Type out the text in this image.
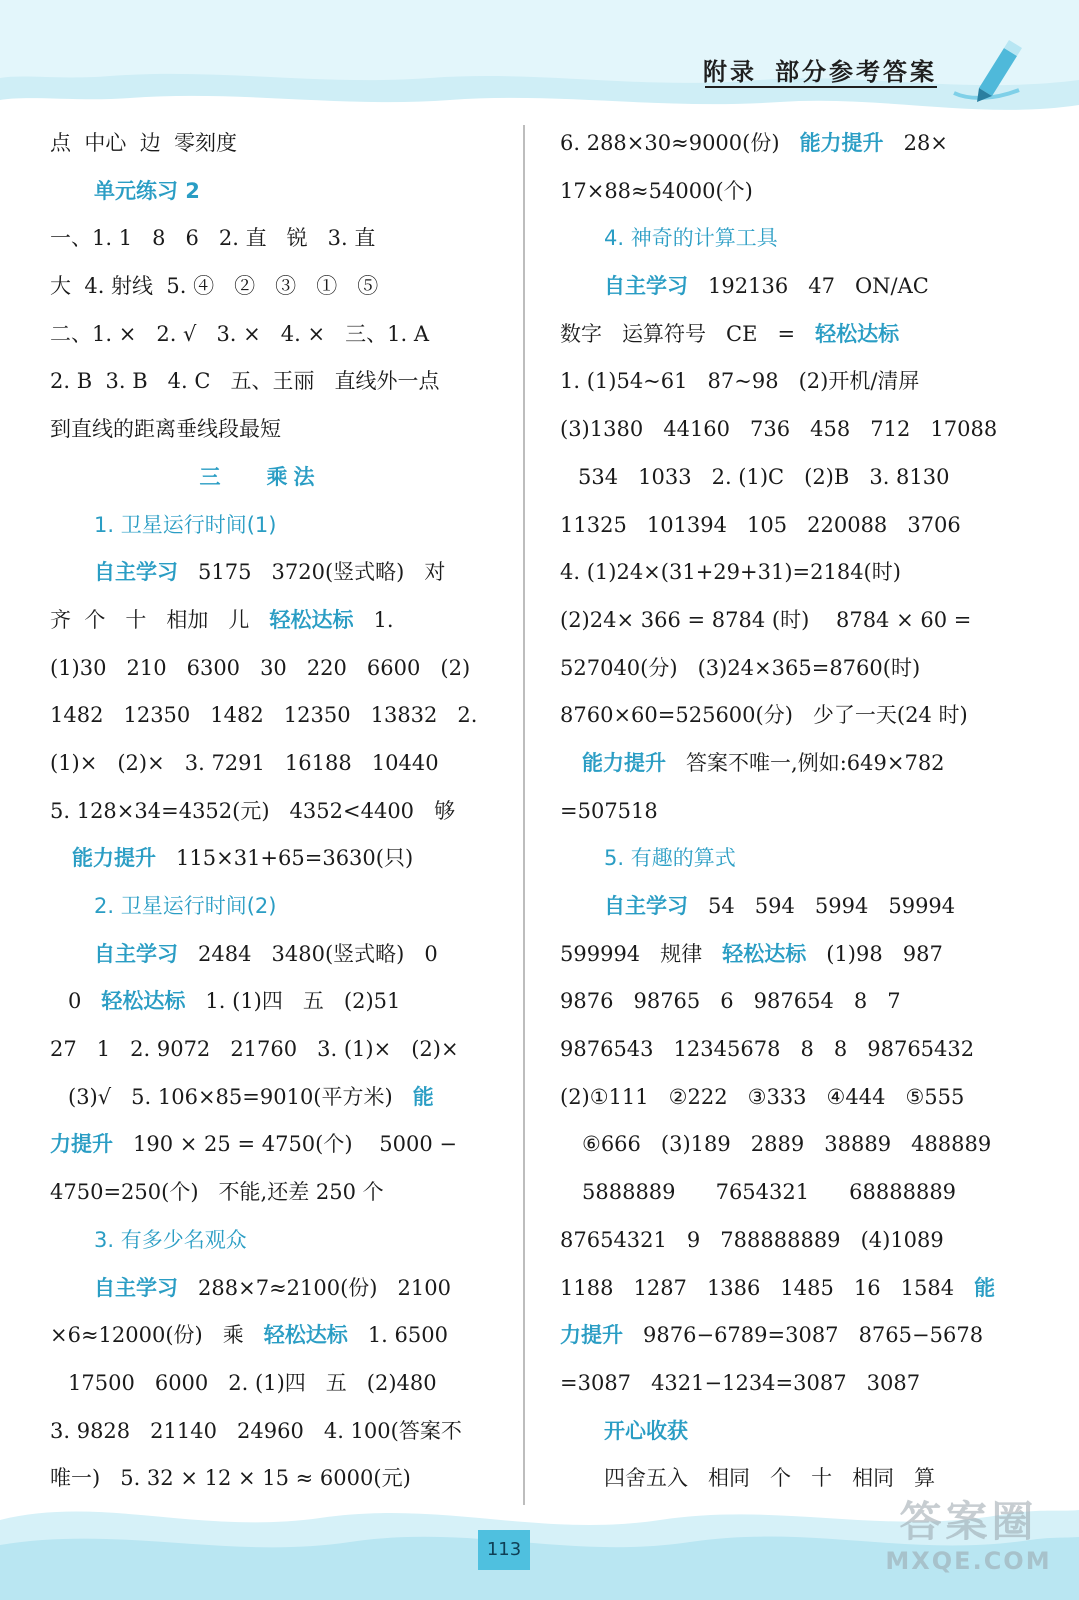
附录 部分参考答案
点  中心  边  零刻度
单元练习 2
一、1. 1   8   6   2. 直   锐   3. 直
大  4. 射线  5. ④   ②   ③   ①   ⑤
二、1. ×   2. √   3. ×   4. ×   三、1. A
2. B  3. B   4. C   五、王丽   直线外一点
到直线的距离垂线段最短
三   乘法
1. 卫星运行时间(1)
自主学习   5175   3720(竖式略)   对
齐  个   十   相加   儿   轻松达标   1.
(1)30   210   6300   30   220   6600   (2)
1482   12350   1482   12350   13832   2.
(1)×   (2)×   3. 7291   16188   10440
5. 128×34=4352(元)   4352<4400   够
能力提升   115×31+65=3630(只)
2. 卫星运行时间(2)
自主学习   2484   3480(竖式略)   0
0   轻松达标   1. (1)四   五   (2)51
27   1   2. 9072   21760   3. (1)×   (2)×
(3)√   5. 106×85=9010(平方米)   能
力提升   190 × 25 = 4750(个)    5000 −
4750=250(个)   不能,还差 250 个
3. 有多少名观众
自主学习   288×7≈2100(份)   2100
×6≈12000(份)   乘   轻松达标   1. 6500
17500   6000   2. (1)四   五   (2)480
3. 9828   21140   24960   4. 100(答案不
唯一)   5. 32 × 12 × 15 ≈ 6000(元)
6. 288×30≈9000(份)   能力提升   28×
17×88≈54000(个)
4. 神奇的计算工具
自主学习   192136   47   ON/AC
数字   运算符号   CE   =   轻松达标
1. (1)54~61   87~98   (2)开机/清屏
(3)1380   44160   736   458   712   17088
534   1033   2. (1)C   (2)B   3. 8130
11325   101394   105   220088   3706
4. (1)24×(31+29+31)=2184(时)
(2)24× 366 = 8784 (时)    8784 × 60 =
527040(分)   (3)24×365=8760(时)
8760×60=525600(分)   少了一天(24 时)
能力提升   答案不唯一,例如:649×782
=507518
5. 有趣的算式
自主学习   54   594   5994   59994
599994   规律   轻松达标   (1)98   987
9876   98765   6   987654   8   7
9876543   12345678   8   8   98765432
(2)①111   ②222   ③333   ④444   ⑤555
⑥666   (3)189   2889   38889   488889
5888889      7654321      68888889
87654321   9   788888889   (4)1089
1188   1287   1386   1485   16   1584   能
力提升   9876−6789=3087   8765−5678
=3087   4321−1234=3087   3087
开心收获
四舍五入   相同   个   十   相同   算
113
答案圈
MXQE.COM
